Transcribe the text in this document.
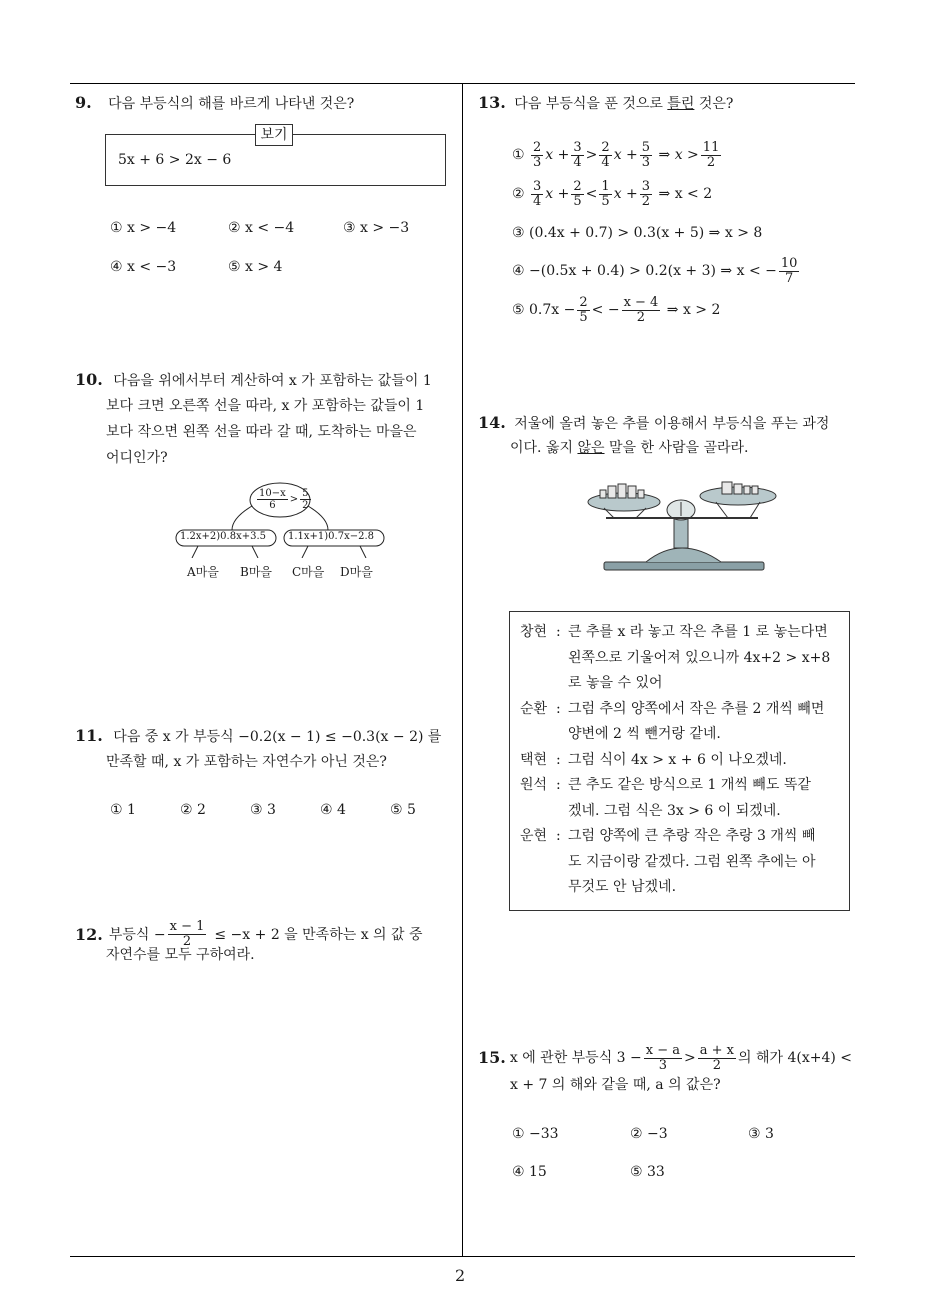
2
9. 다음 부등식의 해를 바르게 나타낸 것은?
보기
5x + 6 > 2x − 6
① x > −4	② x < −4	③ x > −3
④ x < −3	⑤ x > 4
10. 다음을 위에서부터 계산하여 x 가 포함하는 값들이 1
보다 크면 오른쪽 선을 따라, x 가 포함하는 값들이 1
보다 작으면 왼쪽 선을 따라 갈 때, 도착하는 마을은
어디인가?
$\frac{10-x}{6} > \frac{5}{2}$
1.2x+2)0.8x+3.5 1.1x+1)0.7x−2.8
A마을 B마을 C마을 D마을
11. 다음 중 x 가 부등식 −0.2(x − 1) ≤ −0.3(x − 2) 를
만족할 때, x 가 포함하는 자연수가 아닌 것은?
① 1	② 2	③ 3	④ 4	⑤ 5
12. 부등식 − $\frac{x - 1}{2} \le -x + 2$ 을 만족하는 x 의 값 중
자연수를 모두 구하여라.
13. 다음 부등식을 푼 것으로 틀린 것은?
①
$\frac{2}{3}$ $x + \frac{3}{4} > \frac{2}{4}$ $x + \frac{5}{3}$ ⇒ $x > \frac{11}{2}$
②
$\frac{3}{4}$ $x + \frac{2}{5} < \frac{1}{5}$ $x + \frac{3}{2}$ ⇒ x < 2
③ (0.4x + 0.7) > 0.3(x + 5) ⇒ x > 8
④ −(0.5x + 0.4) > 0.2(x + 3) ⇒ x < − $\frac{10}{7}$
⑤
$0.7x - \frac{2}{5}$ < − $\frac{x - 4}{2}$
⇒ x > 2
14. 저울에 올려 놓은 추를 이용해서 부등식을 푸는 과정
이다. 옳지 않은 말을 한 사람을 골라라.
창현 : 큰 추를 x 라 놓고 작은 추를 1 로 놓는다면
왼쪽으로 기울어져 있으니까 4x+2 > x+8
로 놓을 수 있어
순환 : 그럼 추의 양쪽에서 작은 추를 2 개씩 빼면
양변에 2 씩 뺀거랑 같네.
택현 : 그럼 식이 4x > x + 6 이 나오겠네.
원석 : 큰 추도 같은 방식으로 1 개씩 빼도 똑같
겠네. 그럼 식은 3x > 6 이 되겠네.
운현 : 그럼 양쪽에 큰 추랑 작은 추랑 3 개씩 빼
도 지금이랑 같겠다. 그럼 왼쪽 추에는 아
무것도 안 남겠네.
15. x 에 관한 부등식 $3 - \frac{x - a}{3} > \frac{a + x}{2}$ 의 해가 4(x+4) <
x + 7 의 해와 같을 때, a 의 값은?
① −33	② −3	③ 3
④ 15	⑤ 33
